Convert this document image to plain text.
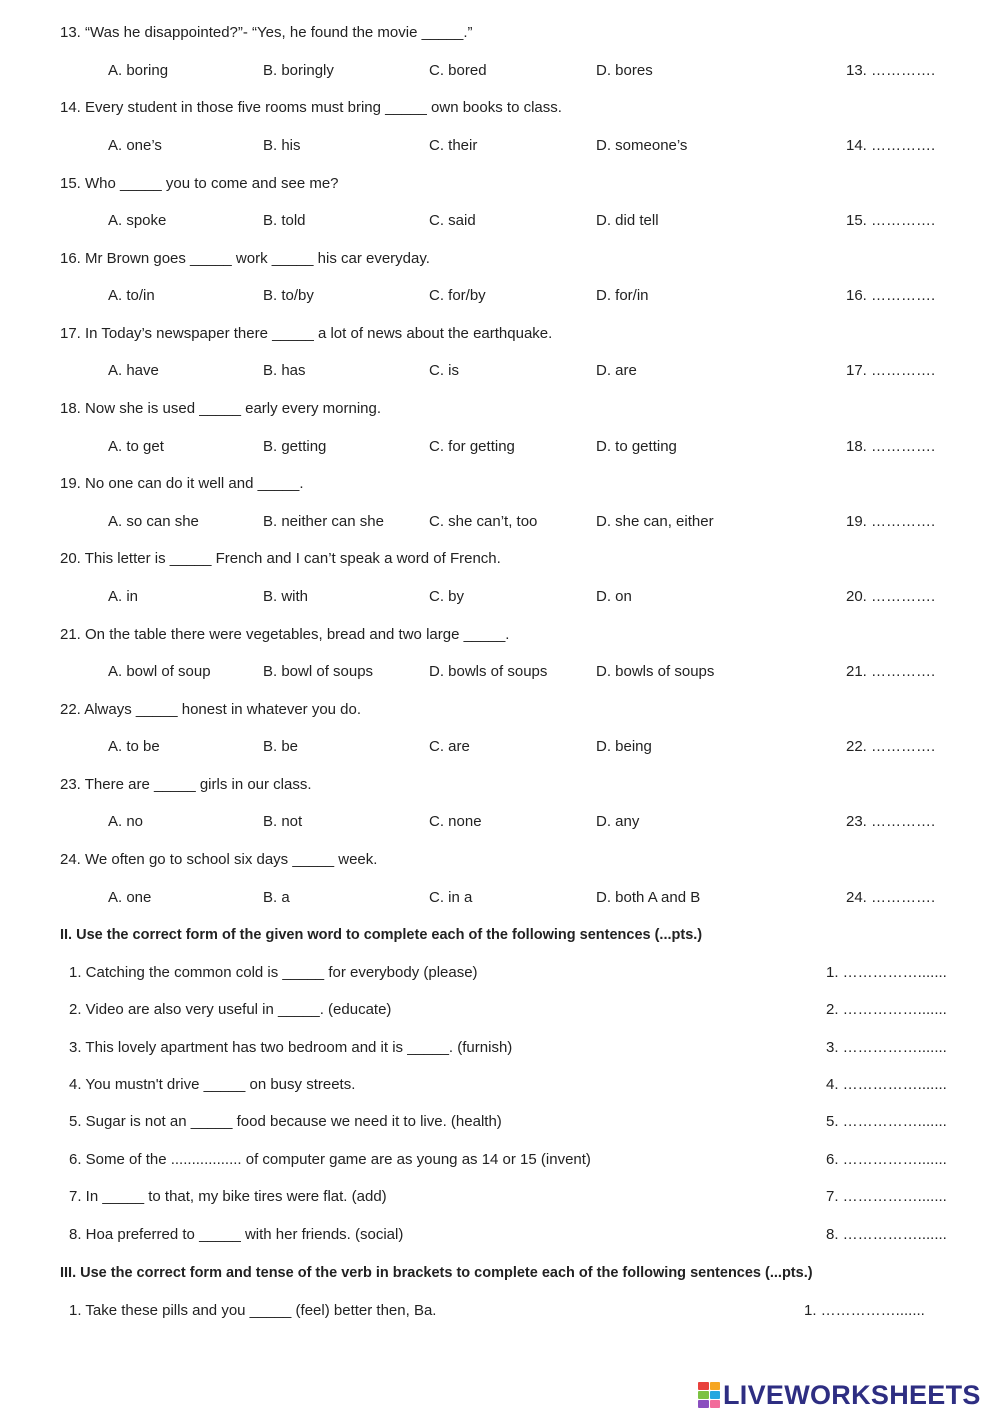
13. “Was he disappointed?”- “Yes, he found the movie _____.”
A. boring	B. boringly	C. bored	D. bores	13. ………….
14. Every student in those five rooms must bring _____ own books to class.
A. one’s	B. his	C. their	D. someone’s	14. ………….
15. Who _____ you to come and see me?
A. spoke	B. told	C. said	D. did tell	15. ………….
16. Mr Brown goes _____ work _____ his car everyday.
A. to/in	B. to/by	C. for/by	D. for/in	16. ………….
17. In Today’s newspaper there _____ a lot of news about the earthquake.
A. have	B. has	C. is	D. are	17. ………….
18. Now she is used _____ early every morning.
A. to get	B. getting	C. for getting	D. to getting	18. ………….
19. No one can do it well and _____.
A. so can she	B. neither can she	C. she can’t, too	D. she can, either	19. ………….
20. This letter is _____ French and I can’t speak a word of French.
A. in	B. with	C. by	D. on	20. ………….
21. On the table there were vegetables, bread and two large _____.
A. bowl of soup	B. bowl of soups	D. bowls of soups	D. bowls of soups	21. ………….
22. Always _____ honest in whatever you do.
A. to be	B. be	C. are	D. being	22. ………….
23. There are _____ girls in our class.
A. no	B. not	C. none	D. any	23. ………….
24. We often go to school six days _____ week.
A. one	B. a	C. in a	D. both A and B	24. ………….
II. Use the correct form of the given word to complete each of the following sentences (...pts.)
1. Catching the common cold is _____ for everybody (please)	1. …………….......
2. Video are also very useful in _____. (educate)	2. …………….......
3. This lovely apartment has two bedroom and it is _____. (furnish)	3. …………….......
4. You mustn't drive _____ on busy streets.	4. …………….......
5. Sugar is not an _____ food because we need it to live. (health)	5. …………….......
6. Some of the ................. of computer game are as young as 14 or 15 (invent)	6. …………….......
7. In _____ to that, my bike tires were flat. (add)	7. …………….......
8. Hoa preferred to _____ with her friends. (social)	8. …………….......
III. Use the correct form and tense of the verb in brackets to complete each of the following sentences (...pts.)
1. Take these pills and you _____ (feel) better then, Ba.	1. …………….......
LIVEWORKSHEETS
